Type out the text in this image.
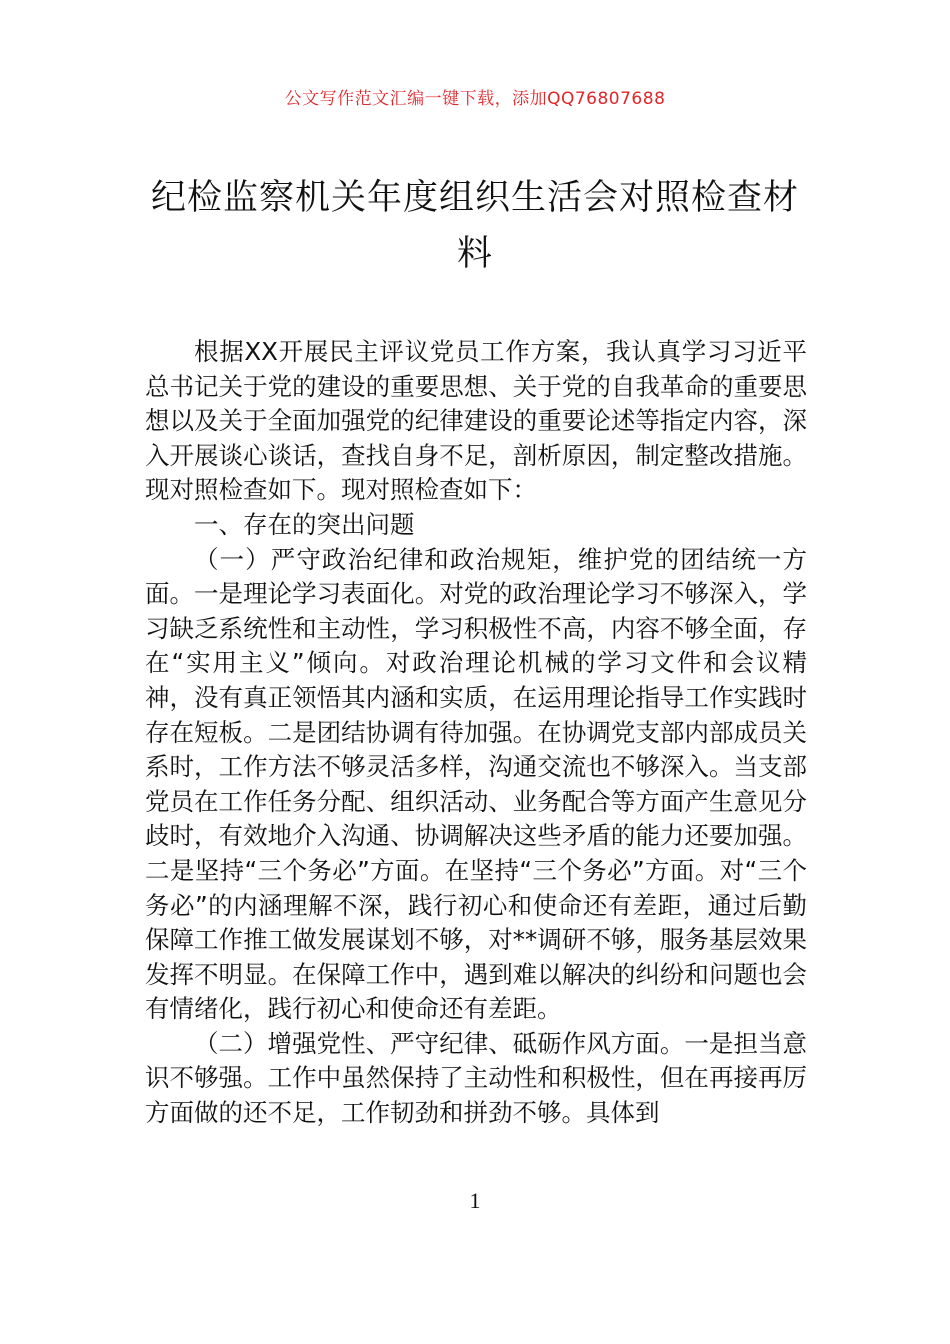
公文写作范文汇编一键下载，添加QQ76807688
纪检监察机关年度组织生活会对照检查材料

根据XX开展民主评议党员工作方案，我认真学习习近平总书记关于党的建设的重要思想、关于党的自我革命的重要思想以及关于全面加强党的纪律建设的重要论述等指定内容，深入开展谈心谈话，查找自身不足，剖析原因，制定整改措施。现对照检查如下。现对照检查如下：

一、存在的突出问题

（一）严守政治纪律和政治规矩，维护党的团结统一方面。一是理论学习表面化。对党的政治理论学习不够深入，学习缺乏系统性和主动性，学习积极性不高，内容不够全面，存在“实用主义”倾向。对政治理论机械的学习文件和会议精神，没有真正领悟其内涵和实质，在运用理论指导工作实践时存在短板。二是团结协调有待加强。在协调党支部内部成员关系时，工作方法不够灵活多样，沟通交流也不够深入。当支部党员在工作任务分配、组织活动、业务配合等方面产生意见分歧时，有效地介入沟通、协调解决这些矛盾的能力还要加强。二是坚持“三个务必”方面。在坚持“三个务必”方面。对“三个务必”的内涵理解不深，践行初心和使命还有差距，通过后勤保障工作推工做发展谋划不够，对**调研不够，服务基层效果发挥不明显。在保障工作中，遇到难以解决的纠纷和问题也会有情绪化，践行初心和使命还有差距。

（二）增强党性、严守纪律、砥砺作风方面。一是担当意识不够强。工作中虽然保持了主动性和积极性，但在再接再厉方面做的还不足，工作韧劲和拼劲不够。具体到

1
